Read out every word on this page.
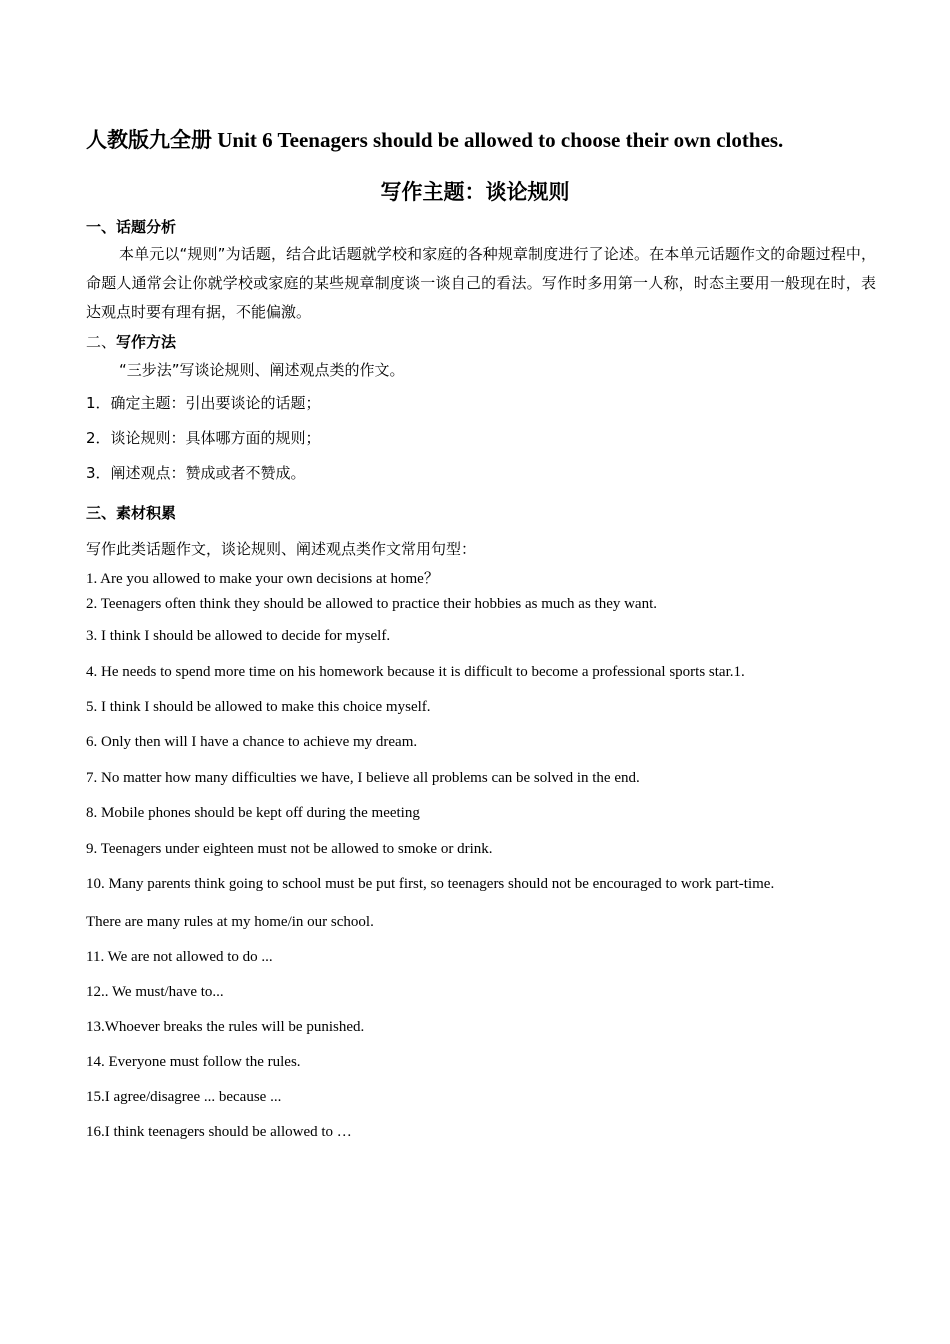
人教版九全册 Unit 6 Teenagers should be allowed to choose their own clothes.
写作主题：谈论规则
一、话题分析
本单元以“规则”为话题，结合此话题就学校和家庭的各种规章制度进行了论述。在本单元话题作文的命题过程中，命题人通常会让你就学校或家庭的某些规章制度谈一谈自己的看法。写作时多用第一人称，时态主要用一般现在时，表达观点时要有理有据，不能偏激。
二、写作方法
“三步法”写谈论规则、阐述观点类的作文。
1．确定主题：引出要谈论的话题；
2．谈论规则：具体哪方面的规则；
3．阐述观点：赞成或者不赞成。
三、素材积累
写作此类话题作文，谈论规则、阐述观点类作文常用句型：
1. Are you allowed to make your own decisions at home？
2. Teenagers often think they should be allowed to practice their hobbies as much as they want.
3. I think I should be allowed to decide for myself.
4. He needs to spend more time on his homework because it is difficult to become a professional sports star.1.
5. I think I should be allowed to make this choice myself.
6. Only then will I have a chance to achieve my dream.
7. No matter how many difficulties we have, I believe all problems can be solved in the end.
8. Mobile phones should be kept off during the meeting
9. Teenagers under eighteen must not be allowed to smoke or drink.
10. Many parents think going to school must be put first, so teenagers should not be encouraged to work part-time.
There are many rules at my home/in our school.
11. We are not allowed to do ...
12.. We must/have to...
13.Whoever breaks the rules will be punished.
14. Everyone must follow the rules.
15.I agree/disagree ... because ...
16.I think teenagers should be allowed to …
